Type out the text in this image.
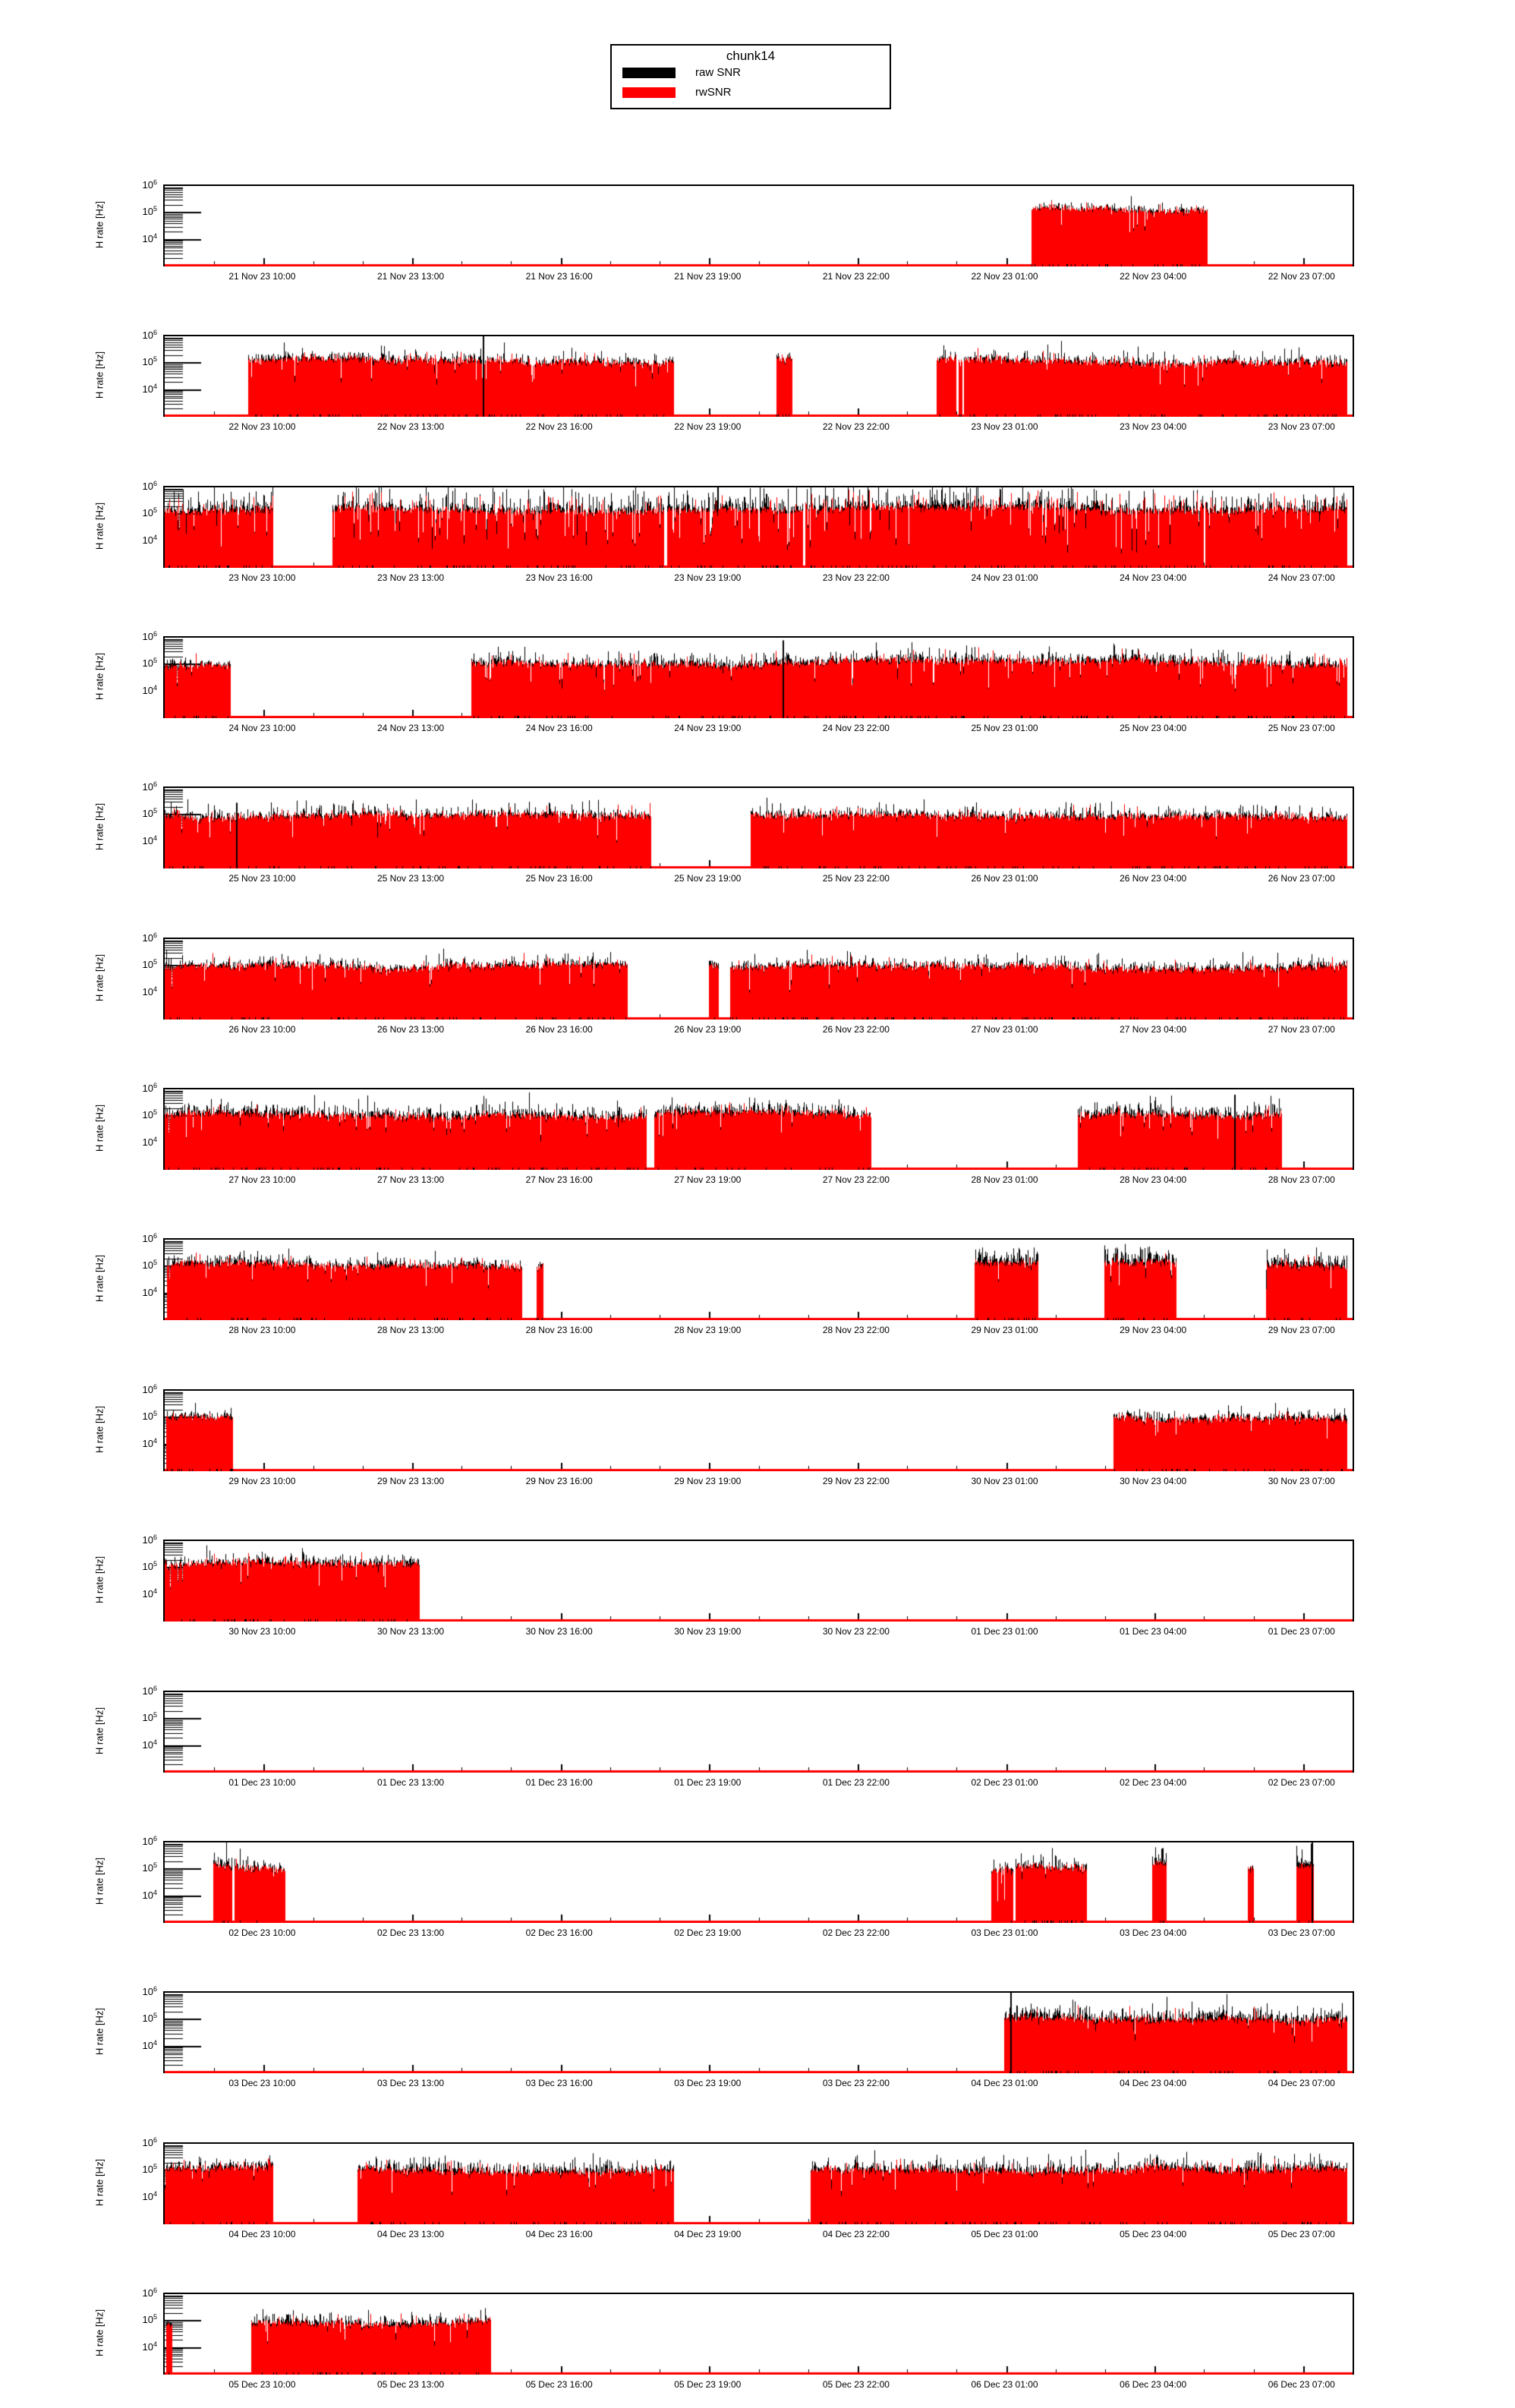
chunk14
raw SNR
rwSNR
H rate [Hz]
$10^6$
$10^5$
$10^4$
21 Nov 23 10:00	21 Nov 23 13:00	21 Nov 23 16:00	21 Nov 23 19:00	21 Nov 23 22:00	22 Nov 23 01:00	22 Nov 23 04:00	22 Nov 23 07:00
H rate [Hz]
$10^6$
$10^5$
$10^4$
22 Nov 23 10:00	22 Nov 23 13:00	22 Nov 23 16:00	22 Nov 23 19:00	22 Nov 23 22:00	23 Nov 23 01:00	23 Nov 23 04:00	23 Nov 23 07:00
H rate [Hz]
$10^6$
$10^5$
$10^4$
23 Nov 23 10:00	23 Nov 23 13:00	23 Nov 23 16:00	23 Nov 23 19:00	23 Nov 23 22:00	24 Nov 23 01:00	24 Nov 23 04:00	24 Nov 23 07:00
H rate [Hz]
$10^6$
$10^5$
$10^4$
24 Nov 23 10:00	24 Nov 23 13:00	24 Nov 23 16:00	24 Nov 23 19:00	24 Nov 23 22:00	25 Nov 23 01:00	25 Nov 23 04:00	25 Nov 23 07:00
H rate [Hz]
$10^6$
$10^5$
$10^4$
25 Nov 23 10:00	25 Nov 23 13:00	25 Nov 23 16:00	25 Nov 23 19:00	25 Nov 23 22:00	26 Nov 23 01:00	26 Nov 23 04:00	26 Nov 23 07:00
H rate [Hz]
$10^6$
$10^5$
$10^4$
26 Nov 23 10:00	26 Nov 23 13:00	26 Nov 23 16:00	26 Nov 23 19:00	26 Nov 23 22:00	27 Nov 23 01:00	27 Nov 23 04:00	27 Nov 23 07:00
H rate [Hz]
$10^6$
$10^5$
$10^4$
27 Nov 23 10:00	27 Nov 23 13:00	27 Nov 23 16:00	27 Nov 23 19:00	27 Nov 23 22:00	28 Nov 23 01:00	28 Nov 23 04:00	28 Nov 23 07:00
H rate [Hz]
$10^6$
$10^5$
$10^4$
28 Nov 23 10:00	28 Nov 23 13:00	28 Nov 23 16:00	28 Nov 23 19:00	28 Nov 23 22:00	29 Nov 23 01:00	29 Nov 23 04:00	29 Nov 23 07:00
H rate [Hz]
$10^6$
$10^5$
$10^4$
29 Nov 23 10:00	29 Nov 23 13:00	29 Nov 23 16:00	29 Nov 23 19:00	29 Nov 23 22:00	30 Nov 23 01:00	30 Nov 23 04:00	30 Nov 23 07:00
H rate [Hz]
$10^6$
$10^5$
$10^4$
30 Nov 23 10:00	30 Nov 23 13:00	30 Nov 23 16:00	30 Nov 23 19:00	30 Nov 23 22:00	01 Dec 23 01:00	01 Dec 23 04:00	01 Dec 23 07:00
H rate [Hz]
$10^6$
$10^5$
$10^4$
01 Dec 23 10:00	01 Dec 23 13:00	01 Dec 23 16:00	01 Dec 23 19:00	01 Dec 23 22:00	02 Dec 23 01:00	02 Dec 23 04:00	02 Dec 23 07:00
H rate [Hz]
$10^6$
$10^5$
$10^4$
02 Dec 23 10:00	02 Dec 23 13:00	02 Dec 23 16:00	02 Dec 23 19:00	02 Dec 23 22:00	03 Dec 23 01:00	03 Dec 23 04:00	03 Dec 23 07:00
H rate [Hz]
$10^6$
$10^5$
$10^4$
03 Dec 23 10:00	03 Dec 23 13:00	03 Dec 23 16:00	03 Dec 23 19:00	03 Dec 23 22:00	04 Dec 23 01:00	04 Dec 23 04:00	04 Dec 23 07:00
H rate [Hz]
$10^6$
$10^5$
$10^4$
04 Dec 23 10:00	04 Dec 23 13:00	04 Dec 23 16:00	04 Dec 23 19:00	04 Dec 23 22:00	05 Dec 23 01:00	05 Dec 23 04:00	05 Dec 23 07:00
H rate [Hz]
$10^6$
$10^5$
$10^4$
05 Dec 23 10:00	05 Dec 23 13:00	05 Dec 23 16:00	05 Dec 23 19:00	05 Dec 23 22:00	06 Dec 23 01:00	06 Dec 23 04:00	06 Dec 23 07:00
